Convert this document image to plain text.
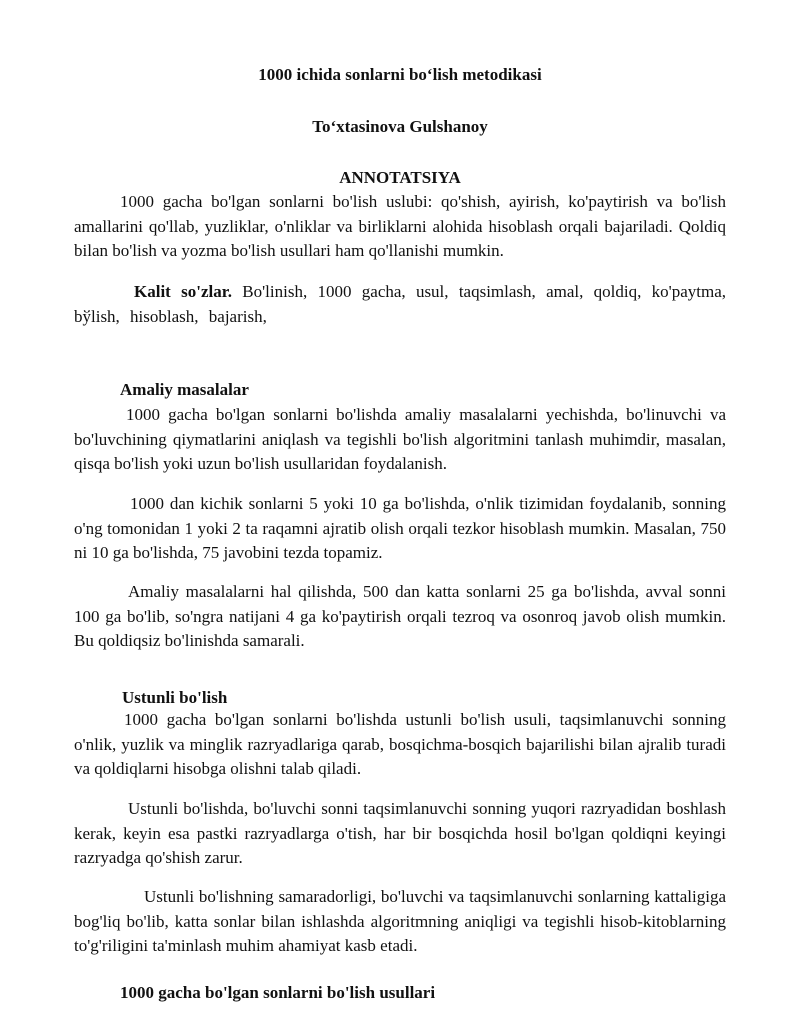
1000 ichida sonlarni bo‘lish metodikasi
To‘xtasinova Gulshanoy
ANNOTATSIYA
1000 gacha bo'lgan sonlarni bo'lish uslubi: qo'shish, ayirish, ko'paytirish va bo'lish amallarini qo'llab, yuzliklar, o'nliklar va birliklarni alohida hisoblash orqali bajariladi. Qoldiq bilan bo'lish va yozma bo'lish usullari ham qo'llanishi mumkin.
Kalit so'zlar. Bo'linish, 1000 gacha, usul, taqsimlash, amal, qoldiq, ko'paytma, bўlish, hisoblash, bajarish,
Amaliy masalalar
1000 gacha bo'lgan sonlarni bo'lishda amaliy masalalarni yechishda, bo'linuvchi va bo'luvchining qiymatlarini aniqlash va tegishli bo'lish algoritmini tanlash muhimdir, masalan, qisqa bo'lish yoki uzun bo'lish usullaridan foydalanish.
1000 dan kichik sonlarni 5 yoki 10 ga bo'lishda, o'nlik tizimidan foydalanib, sonning o'ng tomonidan 1 yoki 2 ta raqamni ajratib olish orqali tezkor hisoblash mumkin. Masalan, 750 ni 10 ga bo'lishda, 75 javobini tezda topamiz.
Amaliy masalalarni hal qilishda, 500 dan katta sonlarni 25 ga bo'lishda, avval sonni 100 ga bo'lib, so'ngra natijani 4 ga ko'paytirish orqali tezroq va osonroq javob olish mumkin. Bu qoldiqsiz bo'linishda samarali.
Ustunli bo'lish
1000 gacha bo'lgan sonlarni bo'lishda ustunli bo'lish usuli, taqsimlanuvchi sonning o'nlik, yuzlik va minglik razryadlariga qarab, bosqichma-bosqich bajarilishi bilan ajralib turadi va qoldiqlarni hisobga olishni talab qiladi.
Ustunli bo'lishda, bo'luvchi sonni taqsimlanuvchi sonning yuqori razryadidan boshlash kerak, keyin esa pastki razryadlarga o'tish, har bir bosqichda hosil bo'lgan qoldiqni keyingi razryadga qo'shish zarur.
Ustunli bo'lishning samaradorligi, bo'luvchi va taqsimlanuvchi sonlarning kattaligiga bog'liq bo'lib, katta sonlar bilan ishlashda algoritmning aniqligi va tegishli hisob-kitoblarning to'g'riligini ta'minlash muhim ahamiyat kasb etadi.
1000 gacha bo'lgan sonlarni bo'lish usullari
